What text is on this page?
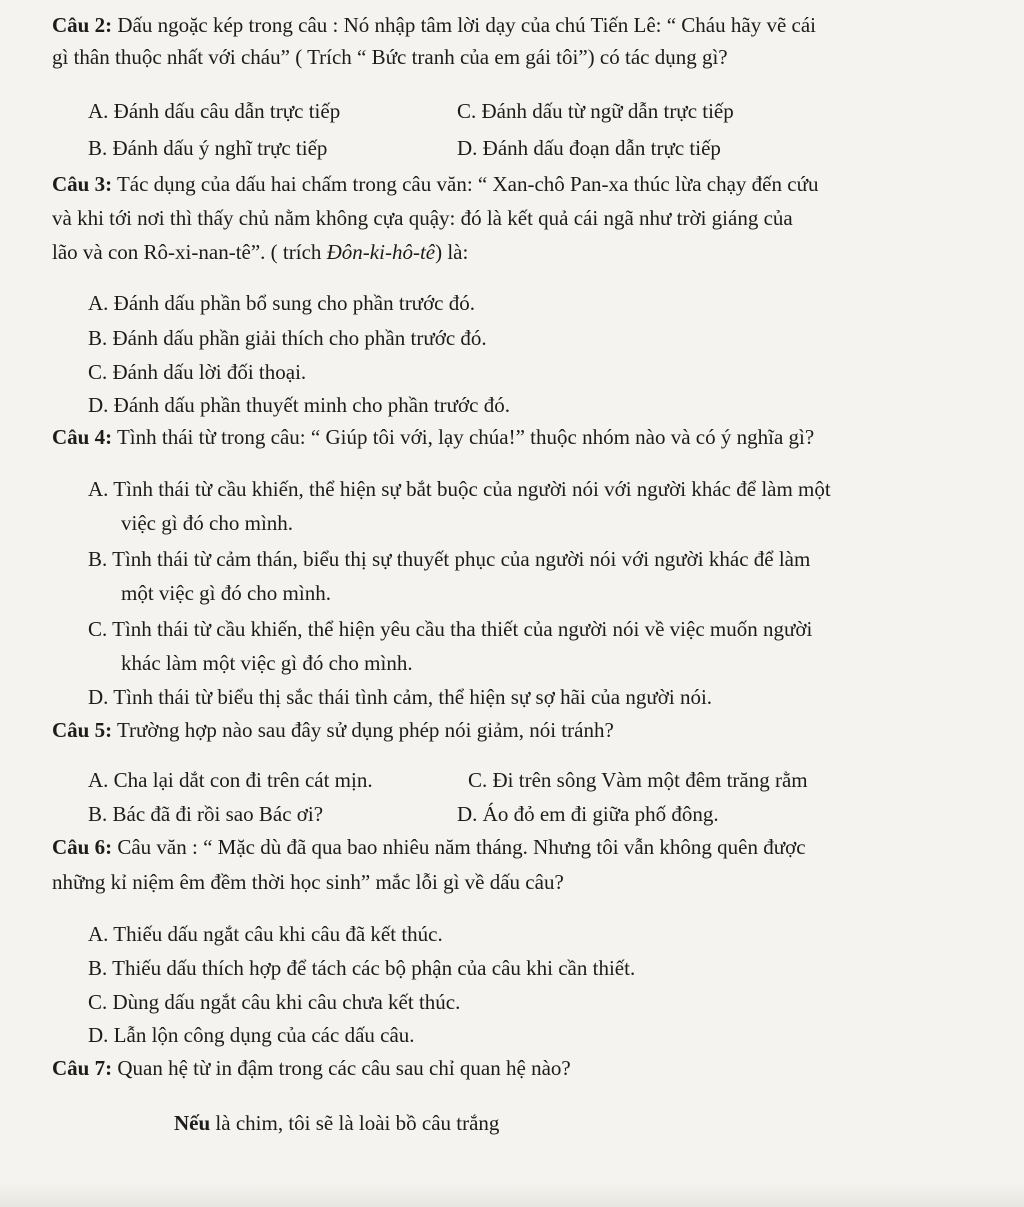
Câu 2: Dấu ngoặc kép trong câu : Nó nhập tâm lời dạy của chú Tiến Lê: “ Cháu hãy vẽ cái
gì thân thuộc nhất với cháu” ( Trích “ Bức tranh của em gái tôi”) có tác dụng gì?
A. Đánh dấu câu dẫn trực tiếp	C. Đánh dấu từ ngữ dẫn trực tiếp
B. Đánh dấu ý nghĩ trực tiếp	D. Đánh dấu đoạn dẫn trực tiếp
Câu 3: Tác dụng của dấu hai chấm trong câu văn: “ Xan-chô Pan-xa thúc lừa chạy đến cứu
và khi tới nơi thì thấy chủ nằm không cựa quậy: đó là kết quả cái ngã như trời giáng của
lão và con Rô-xi-nan-tê”. ( trích Đôn-ki-hô-tê) là:
A. Đánh dấu phần bổ sung cho phần trước đó.
B. Đánh dấu phần giải thích cho phần trước đó.
C. Đánh dấu lời đối thoại.
D. Đánh dấu phần thuyết minh cho phần trước đó.
Câu 4: Tình thái từ trong câu: “ Giúp tôi với, lạy chúa!” thuộc nhóm nào và có ý nghĩa gì?
A. Tình thái từ cầu khiến, thể hiện sự bắt buộc của người nói với người khác để làm một
việc gì đó cho mình.
B. Tình thái từ cảm thán, biểu thị sự thuyết phục của người nói với người khác để làm
một việc gì đó cho mình.
C. Tình thái từ cầu khiến, thể hiện yêu cầu tha thiết của người nói về việc muốn người
khác làm một việc gì đó cho mình.
D. Tình thái từ biểu thị sắc thái tình cảm, thể hiện sự sợ hãi của người nói.
Câu 5: Trường hợp nào sau đây sử dụng phép nói giảm, nói tránh?
A. Cha lại dắt con đi trên cát mịn.	C. Đi trên sông Vàm một đêm trăng rằm
B. Bác đã đi rồi sao Bác ơi?	D. Áo đỏ em đi giữa phố đông.
Câu 6: Câu văn : “ Mặc dù đã qua bao nhiêu năm tháng. Nhưng tôi vẫn không quên được
những kỉ niệm êm đềm thời học sinh” mắc lỗi gì về dấu câu?
A. Thiếu dấu ngắt câu khi câu đã kết thúc.
B. Thiếu dấu thích hợp để tách các bộ phận của câu khi cần thiết.
C. Dùng dấu ngắt câu khi câu chưa kết thúc.
D. Lẫn lộn công dụng của các dấu câu.
Câu 7: Quan hệ từ in đậm trong các câu sau chỉ quan hệ nào?
Nếu là chim, tôi sẽ là loài bồ câu trắng
